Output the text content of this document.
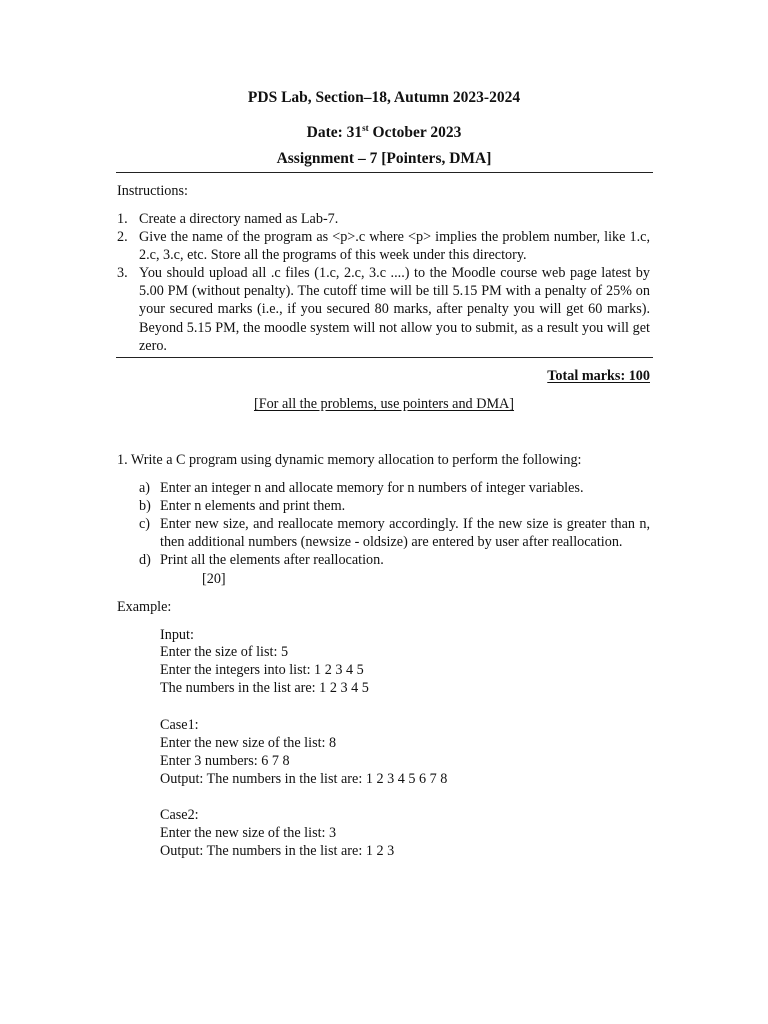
PDS Lab, Section–18, Autumn 2023-2024
Date: 31st October 2023
Assignment – 7 [Pointers, DMA]
Instructions:
1. Create a directory named as Lab-7.
2. Give the name of the program as <p>.c where <p> implies the problem number, like 1.c,
2.c, 3.c, etc. Store all the programs of this week under this directory.
3. You should upload all .c files (1.c, 2.c, 3.c ....) to the Moodle course web page latest by
5.00 PM (without penalty). The cutoff time will be till 5.15 PM with a penalty of 25% on
your secured marks (i.e., if you secured 80 marks, after penalty you will get 60 marks).
Beyond 5.15 PM, the moodle system will not allow you to submit, as a result you will get
zero.
Total marks: 100
[For all the problems, use pointers and DMA]
1. Write a C program using dynamic memory allocation to perform the following:
a) Enter an integer n and allocate memory for n numbers of integer variables.
b) Enter n elements and print them.
c) Enter new size, and reallocate memory accordingly. If the new size is greater than n,
then additional numbers (newsize - oldsize) are entered by user after reallocation.
d) Print all the elements after reallocation.
[20]
Example:
Input:
Enter the size of list: 5
Enter the integers into list: 1 2 3 4 5
The numbers in the list are: 1 2 3 4 5
Case1:
Enter the new size of the list: 8
Enter 3 numbers: 6 7 8
Output: The numbers in the list are: 1 2 3 4 5 6 7 8
Case2:
Enter the new size of the list: 3
Output: The numbers in the list are: 1 2 3
